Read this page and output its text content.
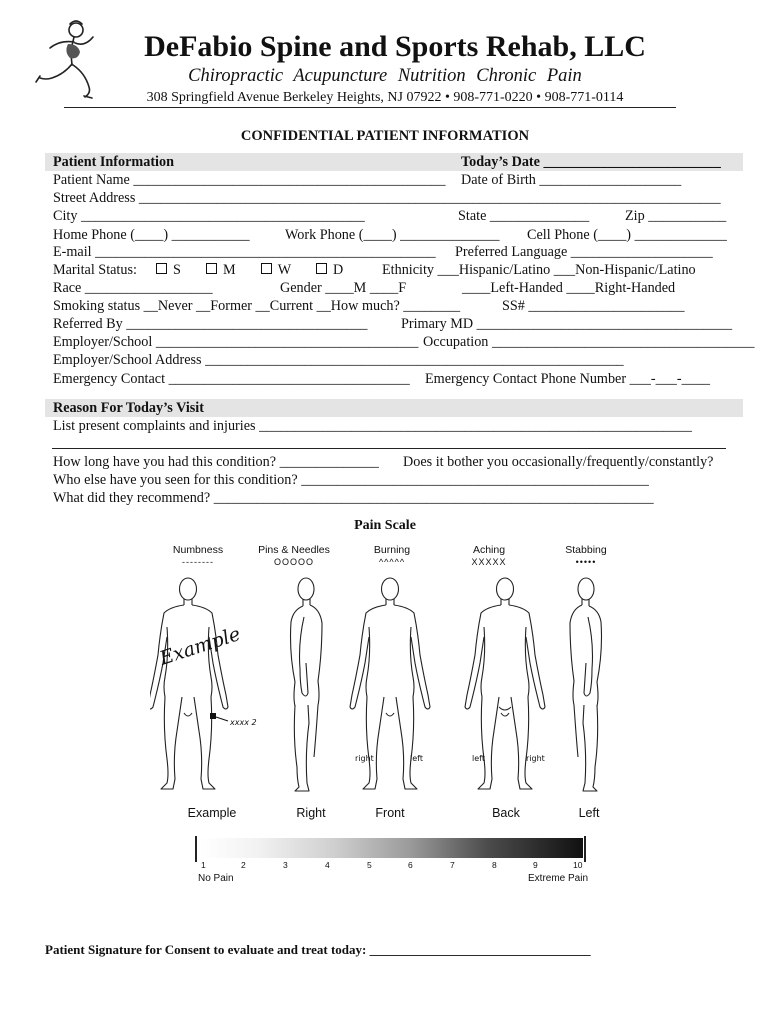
DeFabio Spine and Sports Rehab, LLC
Chiropractic Acupuncture Nutrition Chronic Pain
308 Springfield Avenue Berkeley Heights, NJ 07922 • 908-771-0220 • 908-771-0114
CONFIDENTIAL PATIENT INFORMATION
Patient Information	Today’s Date _________________________
Patient Name ____________________________________________ Date of Birth ____________________
Street Address __________________________________________________________________________________
City ________________________________________	State ______________	Zip ___________
Home Phone (____) ___________ Work Phone (____) ______________ Cell Phone (____) _____________
E-mail ________________________________________________ Preferred Language ____________________
Marital Status:	S	M	W	D	Ethnicity ___Hispanic/Latino ___Non-Hispanic/Latino
Race __________________	Gender ____M ____F	____Left-Handed ____Right-Handed
Smoking status __Never __Former __Current __How much? ________	SS# ______________________
Referred By __________________________________ Primary MD ____________________________________
Employer/School _____________________________________ Occupation _____________________________________
Employer/School Address ___________________________________________________________
Emergency Contact __________________________________ Emergency Contact Phone Number ___-___-____
Reason For Today’s Visit
List present complaints and injuries _____________________________________________________________
How long have you had this condition? ______________ Does it bother you occasionally/frequently/constantly?
Who else have you seen for this condition? _________________________________________________
What did they recommend? ______________________________________________________________
Pain Scale
Numbness
--------
Pins & Needles
OOOOO
Burning
^^^^^
Aching
XXXXX
Stabbing
•••••
Example
xxxx 2
right	left	left	right
Example	Right	Front	Back	Left
1	2	3	4	5	6	7	8	9	10
No Pain	Extreme Pain
Patient Signature for Consent to evaluate and treat today: __________________________________
